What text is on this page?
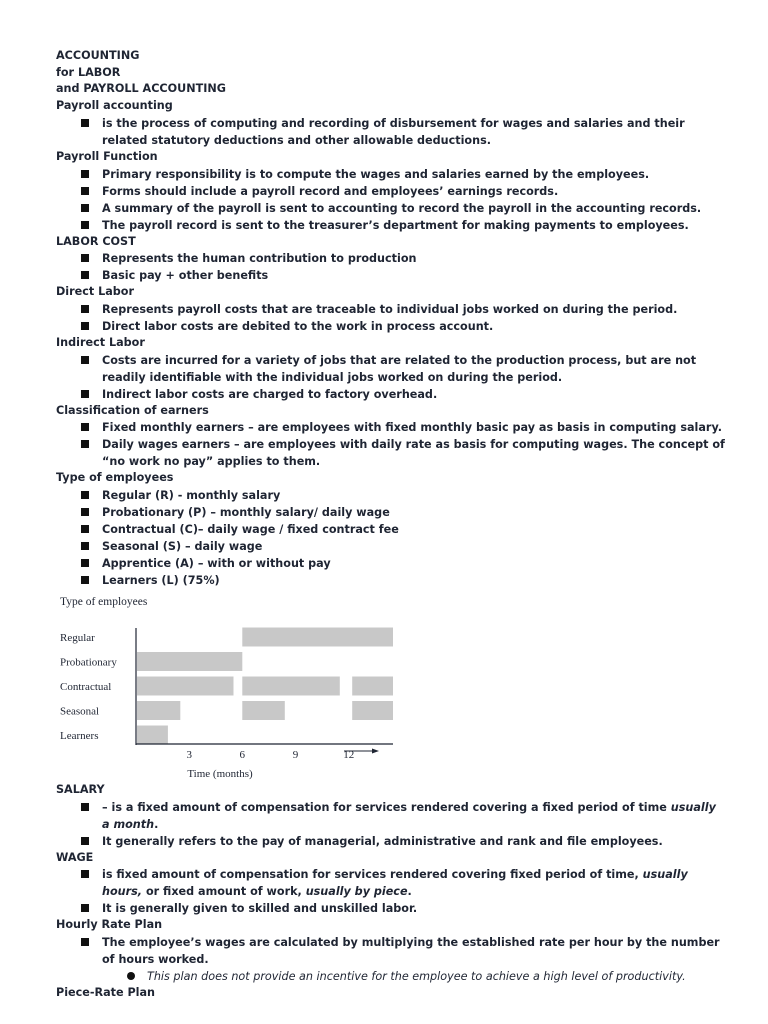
ACCOUNTING
for LABOR
and PAYROLL ACCOUNTING
Payroll accounting
is the process of computing and recording of disbursement for wages and salaries and their related statutory deductions and other allowable deductions.
Payroll Function
Primary responsibility is to compute the wages and salaries earned by the employees.
Forms should include a payroll record and employees’ earnings records.
A summary of the payroll is sent to accounting to record the payroll in the accounting records.
The payroll record is sent to the treasurer’s department for making payments to employees.
LABOR COST
Represents the human contribution to production
Basic pay + other benefits
Direct Labor
Represents payroll costs that are traceable to individual jobs worked on during the period.
Direct labor costs are debited to the work in process account.
Indirect Labor
Costs are incurred for a variety of jobs that are related to the production process, but are not readily identifiable with the individual jobs worked on during the period.
Indirect labor costs are charged to factory overhead.
Classification of earners
Fixed monthly earners – are employees with fixed monthly basic pay as basis in computing salary.
Daily wages earners – are employees with daily rate as basis for computing wages. The concept of “no work no pay” applies to them.
Type of employees
Regular (R) - monthly salary
Probationary (P) – monthly salary/ daily wage
Contractual (C)– daily wage / fixed contract fee
Seasonal (S) – daily wage
Apprentice (A) – with or without pay
Learners (L) (75%)
Type of employees
Regular
Probationary
Contractual
Seasonal
Learners
3	6	9	12
Time (months)
SALARY
– is a fixed amount of compensation for services rendered covering a fixed period of time usually a month.
It generally refers to the pay of managerial, administrative and rank and file employees.
WAGE
is fixed amount of compensation for services rendered covering fixed period of time, usually hours, or fixed amount of work, usually by piece.
It is generally given to skilled and unskilled labor.
Hourly Rate Plan
The employee’s wages are calculated by multiplying the established rate per hour by the number of hours worked.
This plan does not provide an incentive for the employee to achieve a high level of productivity.
Piece-Rate Plan
